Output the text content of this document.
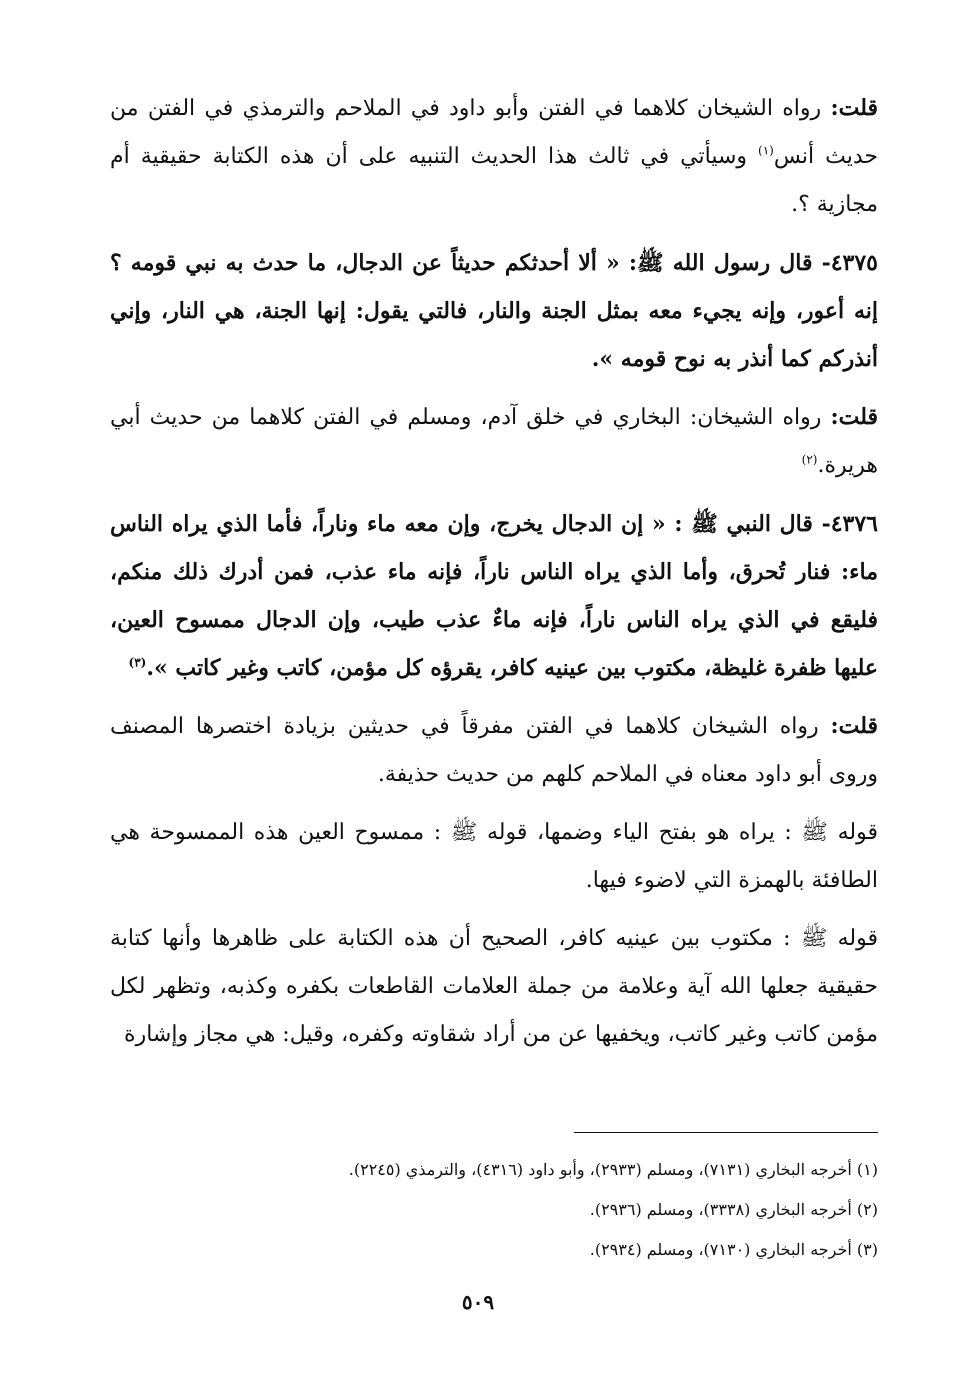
قلت: رواه الشيخان كلاهما في الفتن وأبو داود في الملاحم والترمذي في الفتن من حديث أنس$^{(١)}$ وسيأتي في ثالث هذا الحديث التنبيه على أن هذه الكتابة حقيقية أم مجازية ؟.

٤٣٧٥- قال رسول الله ﷺ: « ألا أحدثكم حديثاً عن الدجال، ما حدث به نبي قومه ؟ إنه أعور، وإنه يجيء معه بمثل الجنة والنار، فالتي يقول: إنها الجنة، هي النار، وإني أنذركم كما أنذر به نوح قومه ».

قلت: رواه الشيخان: البخاري في خلق آدم، ومسلم في الفتن كلاهما من حديث أبي هريرة.$^{(٢)}$

٤٣٧٦- قال النبي ﷺ : « إن الدجال يخرج، وإن معه ماء وناراً، فأما الذي يراه الناس ماء: فنار تُحرق، وأما الذي يراه الناس ناراً، فإنه ماء عذب، فمن أدرك ذلك منكم، فليقع في الذي يراه الناس ناراً، فإنه ماءٌ عذب طيب، وإن الدجال ممسوح العين، عليها ظفرة غليظة، مكتوب بين عينيه كافر، يقرؤه كل مؤمن، كاتب وغير كاتب ».$^{(٣)}$

قلت: رواه الشيخان كلاهما في الفتن مفرقاً في حديثين بزيادة اختصرها المصنف وروى أبو داود معناه في الملاحم كلهم من حديث حذيفة.

قوله ﷺ : يراه هو بفتح الياء وضمها، قوله ﷺ : ممسوح العين هذه الممسوحة هي الطافئة بالهمزة التي لاضوء فيها.

قوله ﷺ : مكتوب بين عينيه كافر، الصحيح أن هذه الكتابة على ظاهرها وأنها كتابة حقيقية جعلها الله آية وعلامة من جملة العلامات القاطعات بكفره وكذبه، وتظهر لكل مؤمن كاتب وغير كاتب، ويخفيها عن من أراد شقاوته وكفره، وقيل: هي مجاز وإشارة

(١) أخرجه البخاري (٧١٣١)، ومسلم (٢٩٣٣)، وأبو داود (٤٣١٦)، والترمذي (٢٢٤٥).

(٢) أخرجه البخاري (٣٣٣٨)، ومسلم (٢٩٣٦).

(٣) أخرجه البخاري (٧١٣٠)، ومسلم (٢٩٣٤).

٥٠٩
